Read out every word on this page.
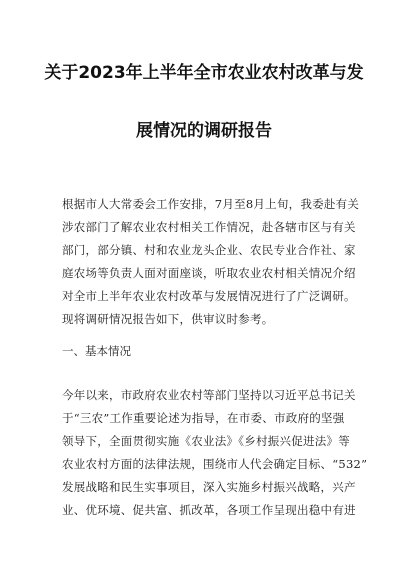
关于2023年上半年全市农业农村改革与发
展情况的调研报告
根据市人大常委会工作安排，7月至8月上旬，我委赴有关
涉农部门了解农业农村相关工作情况，赴各辖市区与有关
部门，部分镇、村和农业龙头企业、农民专业合作社、家
庭农场等负责人面对面座谈，听取农业农村相关情况介绍
对全市上半年农业农村改革与发展情况进行了广泛调研。
现将调研情况报告如下，供审议时参考。
一、基本情况
今年以来，市政府农业农村等部门坚持以习近平总书记关
于“三农”工作重要论述为指导，在市委、市政府的坚强
领导下，全面贯彻实施《农业法》《乡村振兴促进法》等
农业农村方面的法律法规，围绕市人代会确定目标、“532”
发展战略和民生实事项目，深入实施乡村振兴战略，兴产
业、优环境、促共富、抓改革，各项工作呈现出稳中有进
